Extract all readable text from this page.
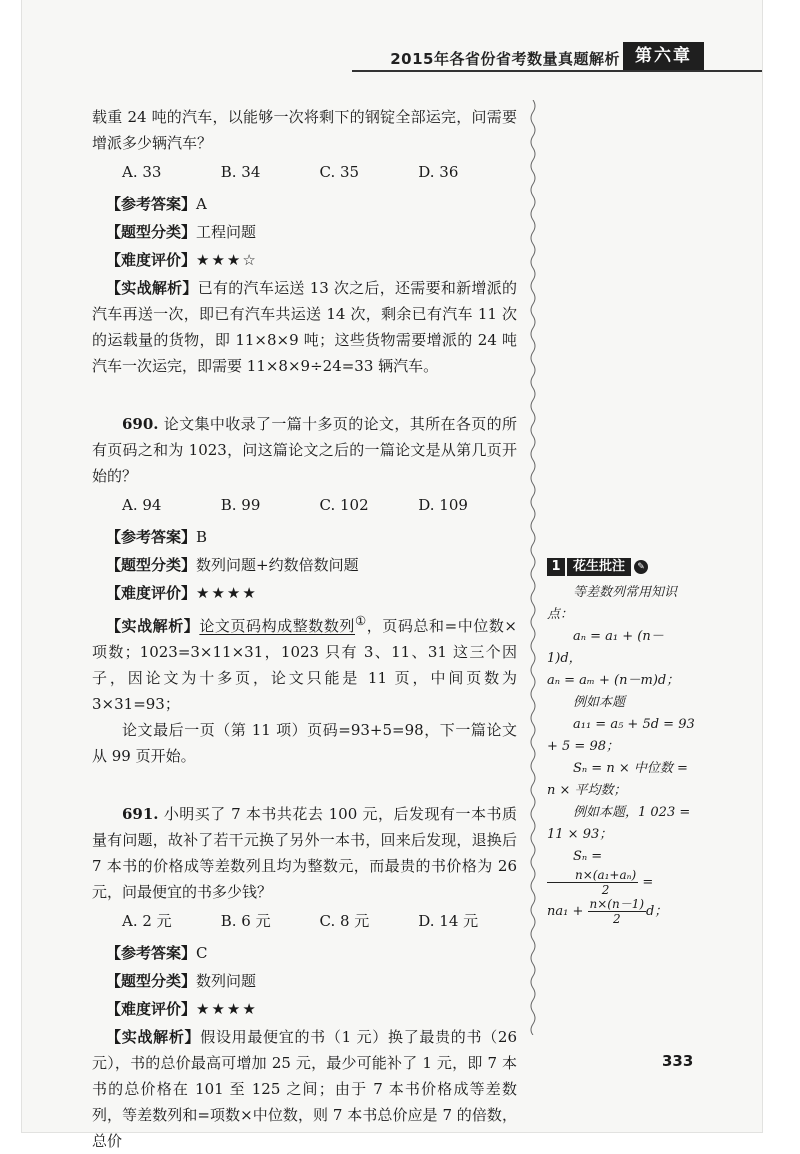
2015年各省份省考数量真题解析 第六章

载重 24 吨的汽车，以能够一次将剩下的钢锭全部运完，问需要增派多少辆汽车？

A. 33	B. 34	C. 35	D. 36
【参考答案】A
【题型分类】工程问题
【难度评价】★★★☆

【实战解析】已有的汽车运送 13 次之后，还需要和新增派的汽车再送一次，即已有汽车共运送 14 次，剩余已有汽车 11 次的运载量的货物，即 11×8×9 吨；这些货物需要增派的 24 吨汽车一次运完，即需要 11×8×9÷24=33 辆汽车。

690. 论文集中收录了一篇十多页的论文，其所在各页的所有页码之和为 1023，问这篇论文之后的一篇论文是从第几页开始的？

A. 94	B. 99	C. 102	D. 109
【参考答案】B
【题型分类】数列问题+约数倍数问题
【难度评价】★★★★

【实战解析】论文页码构成整数数列①，页码总和=中位数×项数；1023=3×11×31，1023 只有 3、11、31 这三个因子，因论文为十多页，论文只能是 11 页，中间页数为 3×31=93；

论文最后一页（第 11 项）页码=93+5=98，下一篇论文从 99 页开始。

691. 小明买了 7 本书共花去 100 元，后发现有一本书质量有问题，故补了若干元换了另外一本书，回来后发现，退换后 7 本书的价格成等差数列且均为整数元，而最贵的书价格为 26 元，问最便宜的书多少钱？

A. 2 元	B. 6 元	C. 8 元	D. 14 元
【参考答案】C
【题型分类】数列问题
【难度评价】★★★★

【实战解析】假设用最便宜的书（1 元）换了最贵的书（26 元），书的总价最高可增加 25 元，最少可能补了 1 元，即 7 本书的总价格在 101 至 125 之间；由于 7 本书价格成等差数列，等差数列和=项数×中位数，则 7 本书总价应是 7 的倍数，总价

1 花生批注	✎

等差数列常用知识点：

aₙ = a₁ + (n－1)d，

aₙ = aₘ + (n－m)d；

例如本题

a₁₁ = a₅ + 5d = 93 + 5 = 98；

Sₙ = n × 中位数 = n × 平均数；

例如本题，1 023 = 11 × 93；

Sₙ =
$\frac{\text{n×(a₁+aₙ)}}{2}$ =

$na_1 + \frac{n\times(n-1)}{2}$ d；

333
